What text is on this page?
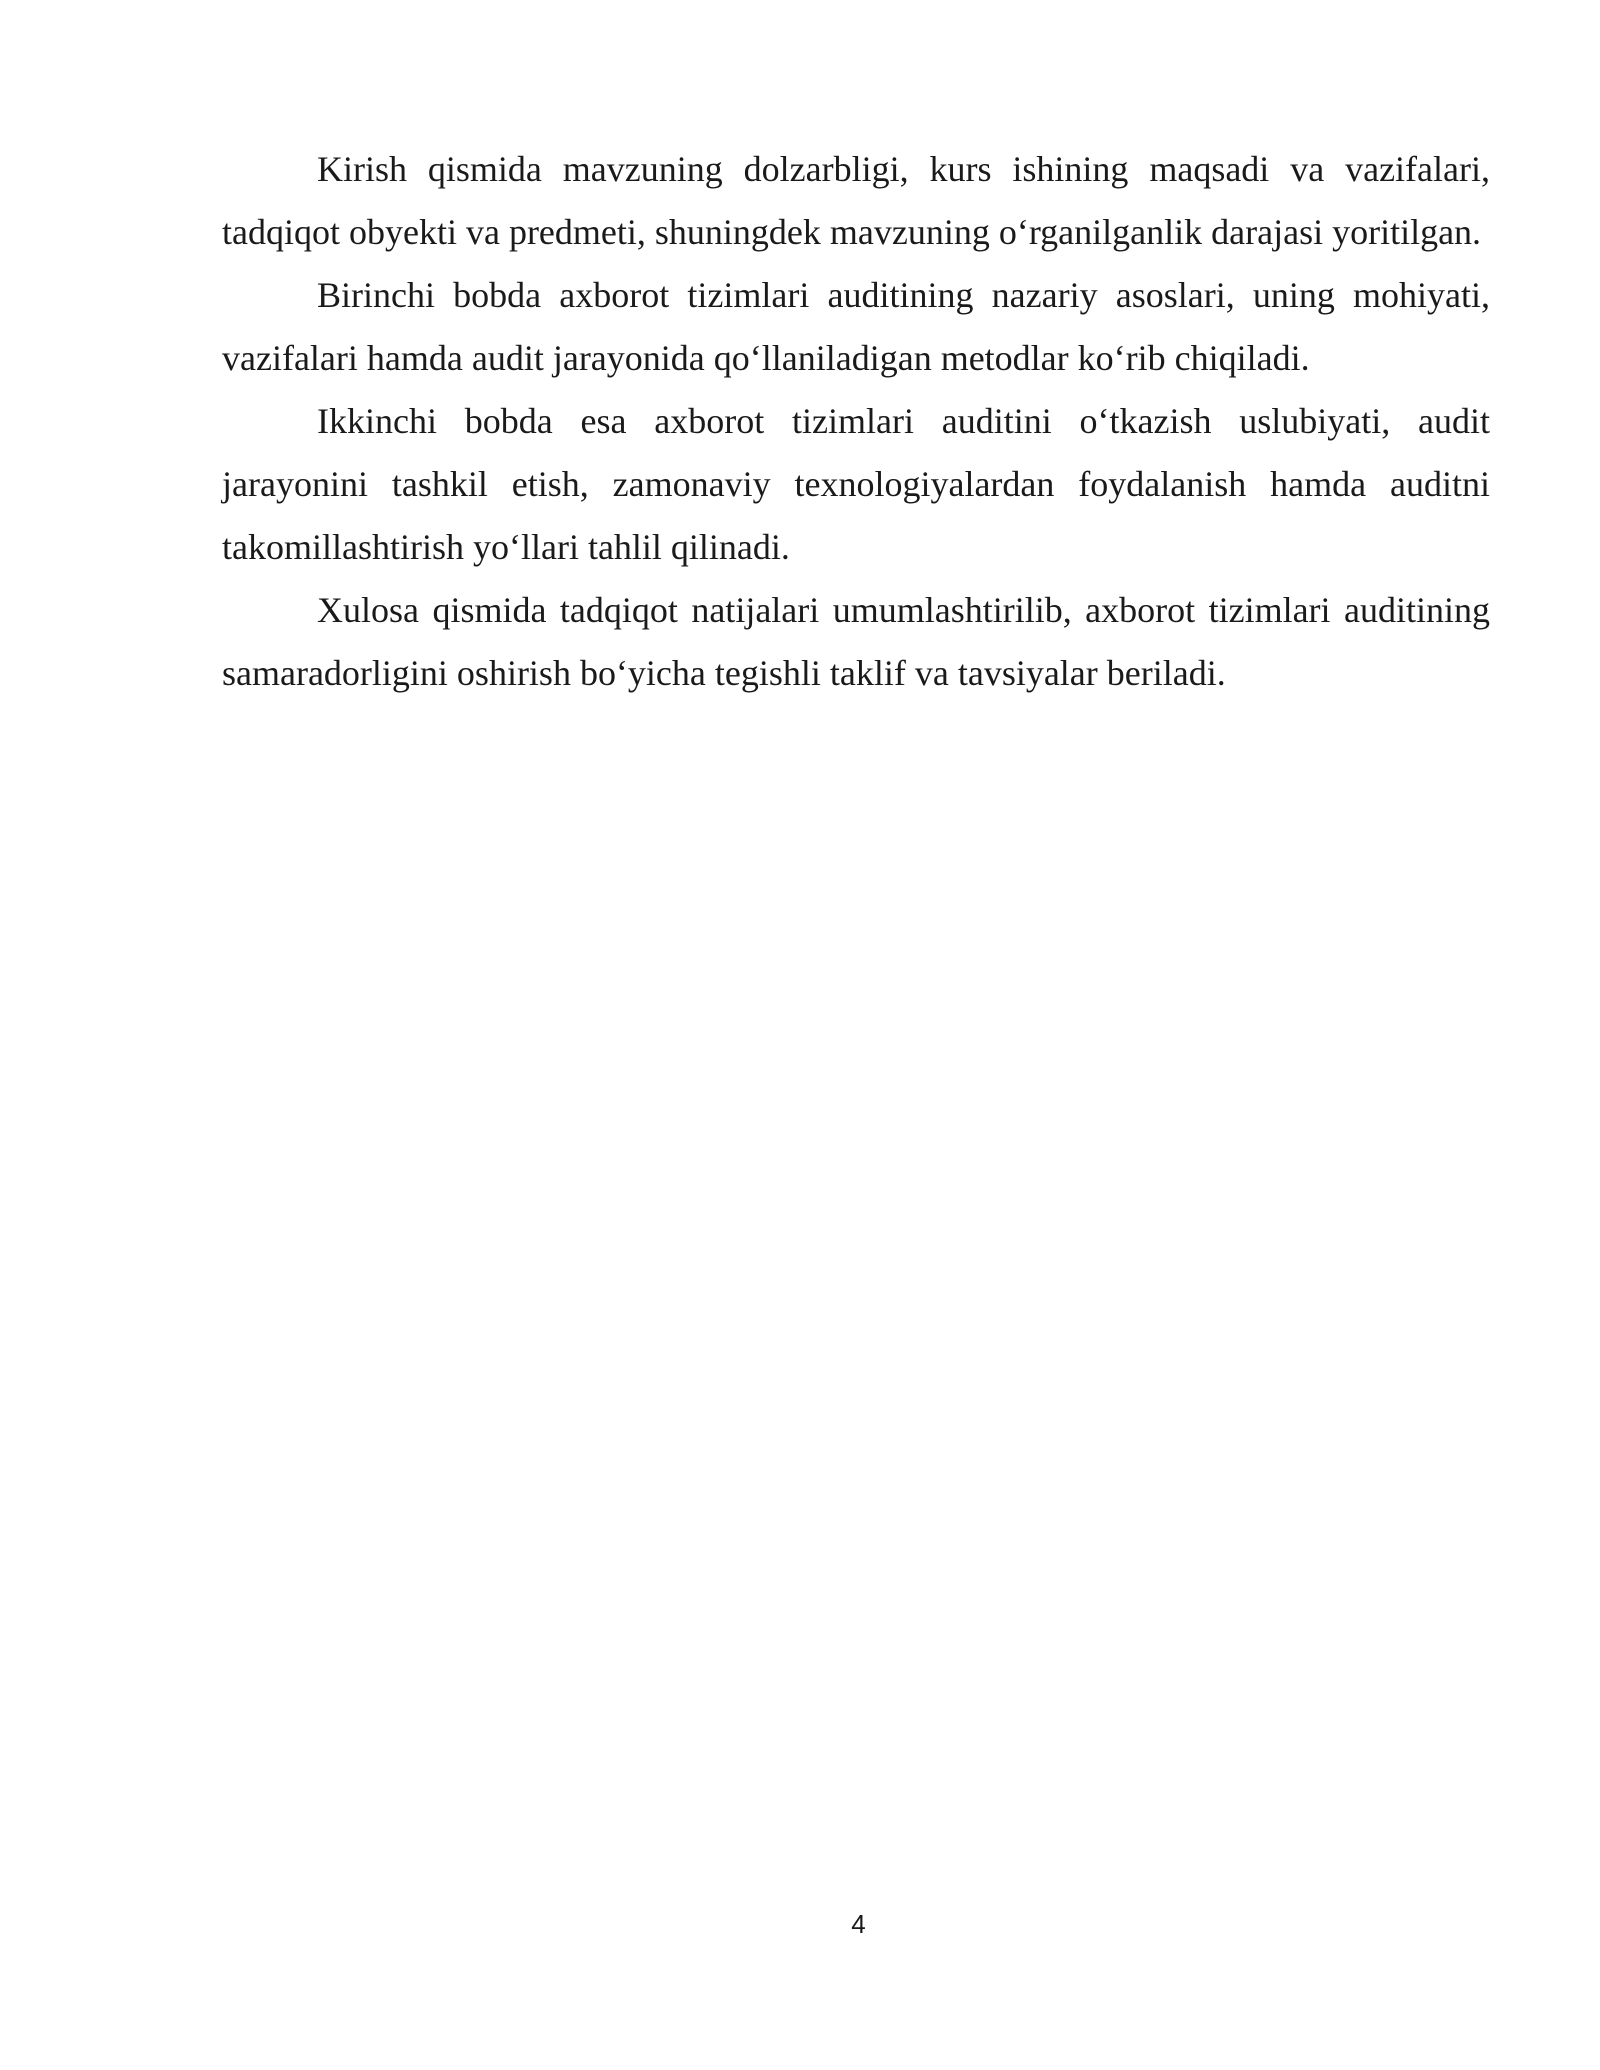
Kirish qismida mavzuning dolzarbligi, kurs ishining maqsadi va vazifalari, tadqiqot obyekti va predmeti, shuningdek mavzuning o‘rganilganlik darajasi yoritilgan.

Birinchi bobda axborot tizimlari auditining nazariy asoslari, uning mohiyati, vazifalari hamda audit jarayonida qo‘llaniladigan metodlar ko‘rib chiqiladi.

Ikkinchi bobda esa axborot tizimlari auditini o‘tkazish uslubiyati, audit jarayonini tashkil etish, zamonaviy texnologiyalardan foydalanish hamda auditni takomillashtirish yo‘llari tahlil qilinadi.

Xulosa qismida tadqiqot natijalari umumlashtirilib, axborot tizimlari auditining samaradorligini oshirish bo‘yicha tegishli taklif va tavsiyalar beriladi.

4
